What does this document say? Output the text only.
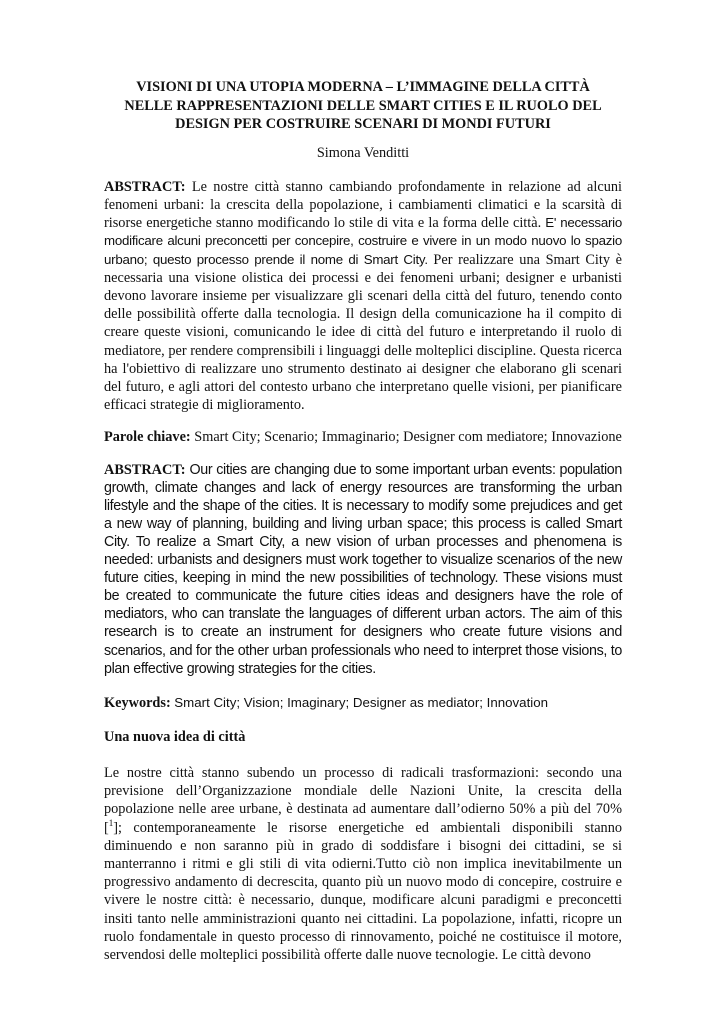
VISIONI DI UNA UTOPIA MODERNA – L’IMMAGINE DELLA CITTÀ
NELLE RAPPRESENTAZIONI DELLE SMART CITIES E IL RUOLO DEL
DESIGN PER COSTRUIRE SCENARI DI MONDI FUTURI
Simona Venditti

ABSTRACT: Le nostre città stanno cambiando profondamente in relazione ad alcuni fenomeni urbani: la crescita della popolazione, i cambiamenti climatici e la scarsità di risorse energetiche stanno modificando lo stile di vita e la forma delle città. E' necessario modificare alcuni preconcetti per concepire, costruire e vivere in un modo nuovo lo spazio urbano; questo processo prende il nome di Smart City. Per realizzare una Smart City è necessaria una visione olistica dei processi e dei fenomeni urbani; designer e urbanisti devono lavorare insieme per visualizzare gli scenari della città del futuro, tenendo conto delle possibilità offerte dalla tecnologia. Il design della comunicazione ha il compito di creare queste visioni, comunicando le idee di città del futuro e interpretando il ruolo di mediatore, per rendere comprensibili i linguaggi delle molteplici discipline. Questa ricerca ha l'obiettivo di realizzare uno strumento destinato ai designer che elaborano gli scenari del futuro, e agli attori del contesto urbano che interpretano quelle visioni, per pianificare efficaci strategie di miglioramento.

Parole chiave: Smart City; Scenario; Immaginario; Designer com mediatore; Innovazione

ABSTRACT: Our cities are changing due to some important urban events: population growth, climate changes and lack of energy resources are transforming the urban lifestyle and the shape of the cities. It is necessary to modify some prejudices and get a new way of planning, building and living urban space; this process is called Smart City. To realize a Smart City, a new vision of urban processes and phenomena is needed: urbanists and designers must work together to visualize scenarios of the new future cities, keeping in mind the new possibilities of technology. These visions must be created to communicate the future cities ideas and designers have the role of mediators, who can translate the languages of different urban actors. The aim of this research is to create an instrument for designers who create future visions and scenarios, and for the other urban professionals who need to interpret those visions, to plan effective growing strategies for the cities.

Keywords: Smart City; Vision; Imaginary; Designer as mediator; Innovation

Una nuova idea di città

Le nostre città stanno subendo un processo di radicali trasformazioni: secondo una previsione dell’Organizzazione mondiale delle Nazioni Unite, la crescita della popolazione nelle aree urbane, è destinata ad aumentare dall’odierno 50% a più del 70% [$^1$]; contemporaneamente le risorse energetiche ed ambientali disponibili stanno diminuendo e non saranno più in grado di soddisfare i bisogni dei cittadini, se si manterranno i ritmi e gli stili di vita odierni.Tutto ciò non implica inevitabilmente un progressivo andamento di decrescita, quanto più un nuovo modo di concepire, costruire e vivere le nostre città: è necessario, dunque, modificare alcuni paradigmi e preconcetti insiti tanto nelle amministrazioni quanto nei cittadini. La popolazione, infatti, ricopre un ruolo fondamentale in questo processo di rinnovamento, poiché ne costituisce il motore, servendosi delle molteplici possibilità offerte dalle nuove tecnologie. Le città devono
